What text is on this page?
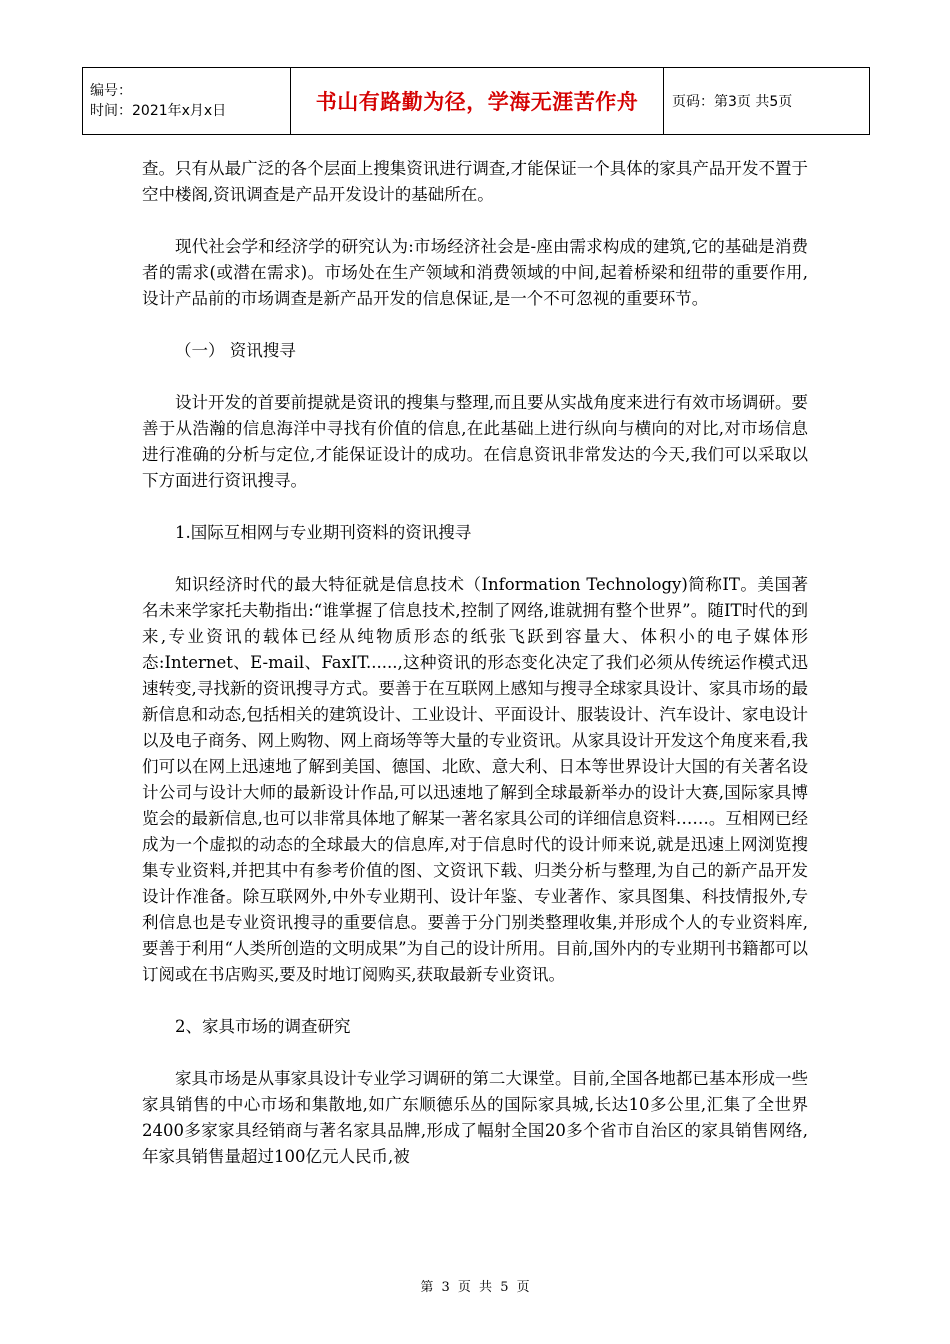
编号：
时间：2021年x月x日	书山有路勤为径，学海无涯苦作舟	页码：第3页 共5页

查。只有从最广泛的各个层面上搜集资讯进行调查,才能保证一个具体的家具产品开发不置于空中楼阁,资讯调查是产品开发设计的基础所在。

现代社会学和经济学的研究认为:市场经济社会是-座由需求构成的建筑,它的基础是消费者的需求(或潜在需求)。市场处在生产领域和消费领域的中间,起着桥梁和纽带的重要作用,设计产品前的市场调查是新产品开发的信息保证,是一个不可忽视的重要环节。

（一） 资讯搜寻

设计开发的首要前提就是资讯的搜集与整理,而且要从实战角度来进行有效市场调研。要善于从浩瀚的信息海洋中寻找有价值的信息,在此基础上进行纵向与横向的对比,对市场信息进行准确的分析与定位,才能保证设计的成功。在信息资讯非常发达的今天,我们可以采取以下方面进行资讯搜寻。

1.国际互相网与专业期刊资料的资讯搜寻

知识经济时代的最大特征就是信息技术（Information Technology)简称IT。美国著名未来学家托夫勒指出:“谁掌握了信息技术,控制了网络,谁就拥有整个世界”。随IT时代的到来,专业资讯的载体已经从纯物质形态的纸张飞跃到容量大、体积小的电子媒体形态:Internet、E-mail、FaxIT......,这种资讯的形态变化决定了我们必须从传统运作模式迅速转变,寻找新的资讯搜寻方式。要善于在互联网上感知与搜寻全球家具设计、家具市场的最新信息和动态,包括相关的建筑设计、工业设计、平面设计、服装设计、汽车设计、家电设计以及电子商务、网上购物、网上商场等等大量的专业资讯。从家具设计开发这个角度来看,我们可以在网上迅速地了解到美国、德国、北欧、意大利、日本等世界设计大国的有关著名设计公司与设计大师的最新设计作品,可以迅速地了解到全球最新举办的设计大赛,国际家具博览会的最新信息,也可以非常具体地了解某一著名家具公司的详细信息资料……。互相网已经成为一个虚拟的动态的全球最大的信息库,对于信息时代的设计师来说,就是迅速上网浏览搜集专业资料,并把其中有参考价值的图、文资讯下载、归类分析与整理,为自己的新产品开发设计作准备。除互联网外,中外专业期刊、设计年鉴、专业著作、家具图集、科技情报外,专利信息也是专业资讯搜寻的重要信息。要善于分门别类整理收集,并形成个人的专业资料库,要善于利用“人类所创造的文明成果”为自己的设计所用。目前,国外内的专业期刊书籍都可以订阅或在书店购买,要及时地订阅购买,获取最新专业资讯。

2、家具市场的调查研究

家具市场是从事家具设计专业学习调研的第二大课堂。目前,全国各地都已基本形成一些家具销售的中心市场和集散地,如广东顺德乐丛的国际家具城,长达10多公里,汇集了全世界2400多家家具经销商与著名家具品牌,形成了幅射全国20多个省市自治区的家具销售网络,年家具销售量超过100亿元人民币,被

第 3 页 共 5 页
